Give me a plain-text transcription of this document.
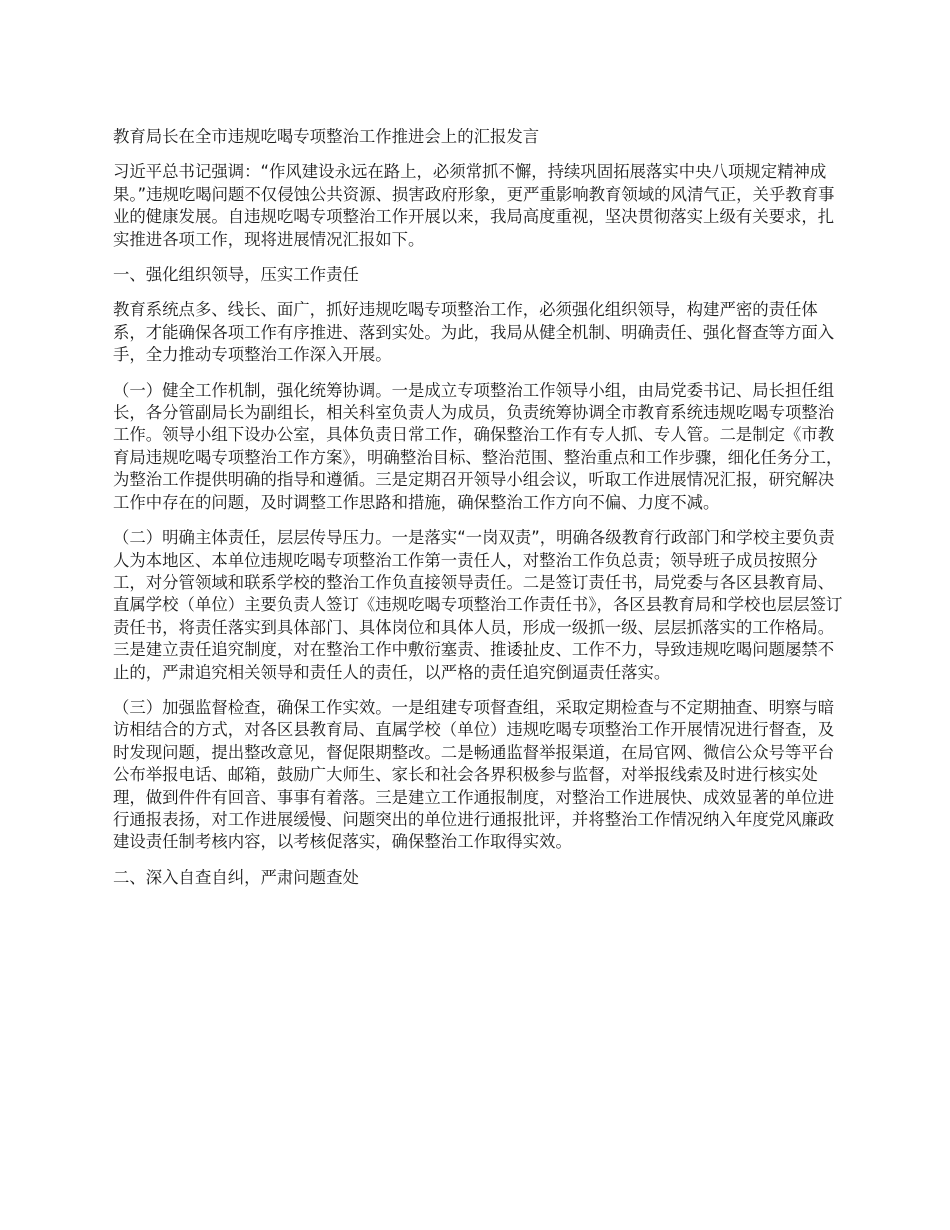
教育局长在全市违规吃喝专项整治工作推进会上的汇报发言

习近平总书记强调：“作风建设永远在路上，必须常抓不懈，持续巩固拓展落实中央八项规定精神成果。”违规吃喝问题不仅侵蚀公共资源、损害政府形象，更严重影响教育领域的风清气正，关乎教育事业的健康发展。自违规吃喝专项整治工作开展以来，我局高度重视，坚决贯彻落实上级有关要求，扎实推进各项工作，现将进展情况汇报如下。

一、强化组织领导，压实工作责任

教育系统点多、线长、面广，抓好违规吃喝专项整治工作，必须强化组织领导，构建严密的责任体系，才能确保各项工作有序推进、落到实处。为此，我局从健全机制、明确责任、强化督查等方面入手，全力推动专项整治工作深入开展。

（一）健全工作机制，强化统筹协调。一是成立专项整治工作领导小组，由局党委书记、局长担任组长，各分管副局长为副组长，相关科室负责人为成员，负责统筹协调全市教育系统违规吃喝专项整治工作。领导小组下设办公室，具体负责日常工作，确保整治工作有专人抓、专人管。二是制定《市教育局违规吃喝专项整治工作方案》，明确整治目标、整治范围、整治重点和工作步骤，细化任务分工，为整治工作提供明确的指导和遵循。三是定期召开领导小组会议，听取工作进展情况汇报，研究解决工作中存在的问题，及时调整工作思路和措施，确保整治工作方向不偏、力度不减。

（二）明确主体责任，层层传导压力。一是落实“一岗双责”，明确各级教育行政部门和学校主要负责人为本地区、本单位违规吃喝专项整治工作第一责任人，对整治工作负总责；领导班子成员按照分工，对分管领域和联系学校的整治工作负直接领导责任。二是签订责任书，局党委与各区县教育局、直属学校（单位）主要负责人签订《违规吃喝专项整治工作责任书》，各区县教育局和学校也层层签订责任书，将责任落实到具体部门、具体岗位和具体人员，形成一级抓一级、层层抓落实的工作格局。三是建立责任追究制度，对在整治工作中敷衍塞责、推诿扯皮、工作不力，导致违规吃喝问题屡禁不止的，严肃追究相关领导和责任人的责任，以严格的责任追究倒逼责任落实。

（三）加强监督检查，确保工作实效。一是组建专项督查组，采取定期检查与不定期抽查、明察与暗访相结合的方式，对各区县教育局、直属学校（单位）违规吃喝专项整治工作开展情况进行督查，及时发现问题，提出整改意见，督促限期整改。二是畅通监督举报渠道，在局官网、微信公众号等平台公布举报电话、邮箱，鼓励广大师生、家长和社会各界积极参与监督，对举报线索及时进行核实处理，做到件件有回音、事事有着落。三是建立工作通报制度，对整治工作进展快、成效显著的单位进行通报表扬，对工作进展缓慢、问题突出的单位进行通报批评，并将整治工作情况纳入年度党风廉政建设责任制考核内容，以考核促落实，确保整治工作取得实效。

二、深入自查自纠，严肃问题查处
